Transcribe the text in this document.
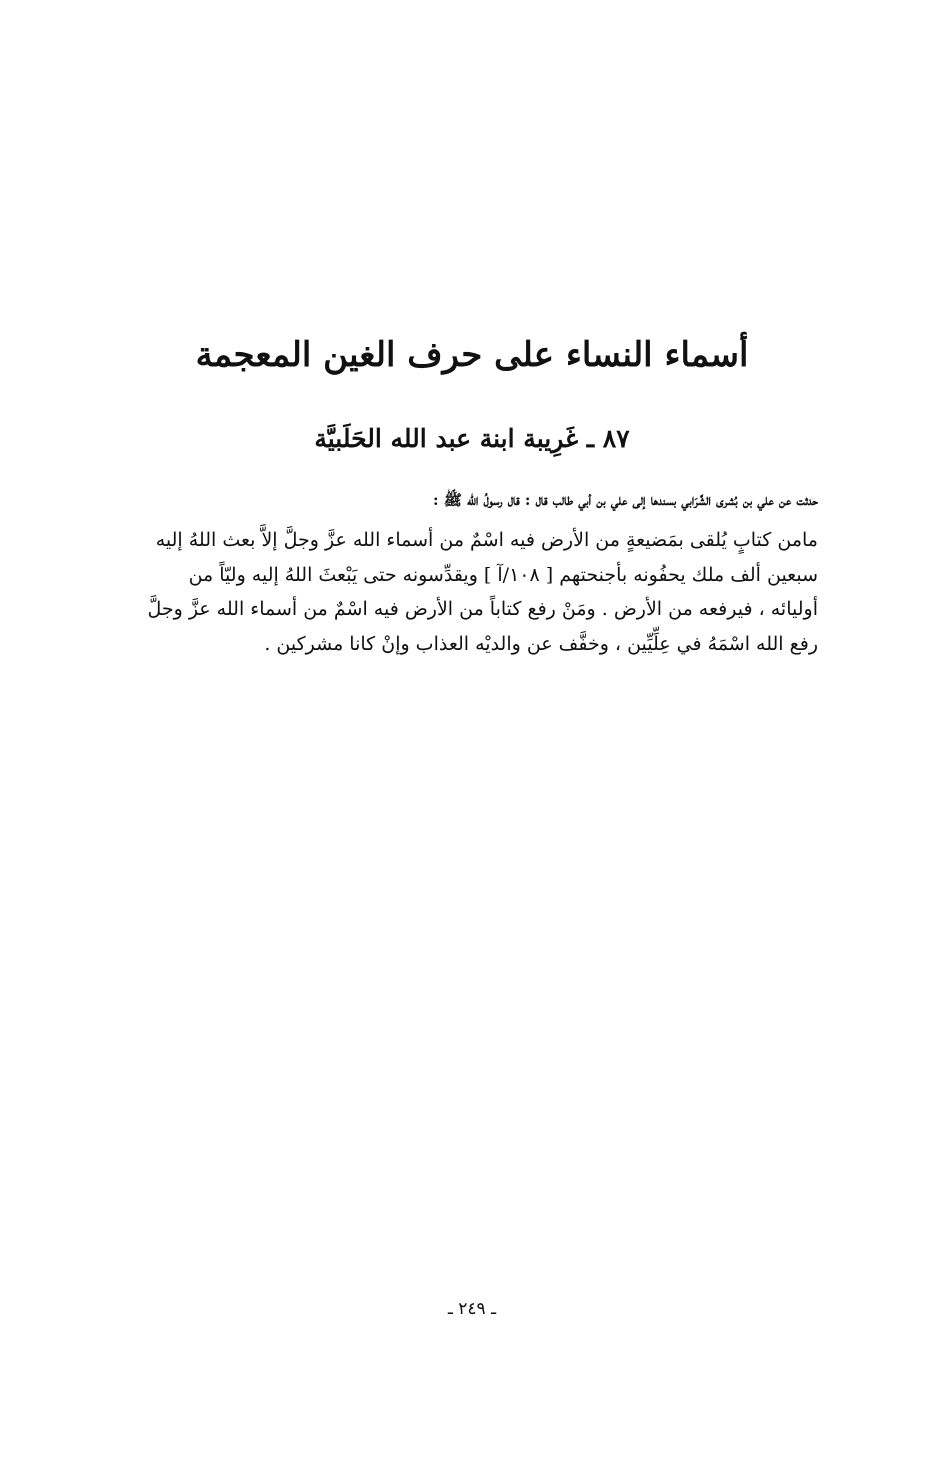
أسماء النساء على حرف الغين المعجمة
٨٧ ـ غَرِيبة ابنة عبد الله الحَلَبيَّة

حدثت عن علي بن بُشرى الشَّرَابي بسندها إلى علي بن أبي طالب قال : قال رسولُ الله ﷺ :

مامن كتابٍ يُلقى بمَضيعةٍ من الأرض فيه اسْمٌ من أسماء الله عزَّ وجلَّ إلاَّ بعث اللهُ إليه
سبعين ألف ملك يحفُونه بأجنحتهم [ ١٠٨/آ ] ويقدِّسونه حتى يَبْعثَ اللهُ إليه وليّاً من
أوليائه ، فيرفعه من الأرض . ومَنْ رفع كتاباً من الأرض فيه اسْمٌ من أسماء الله عزَّ وجلَّ
رفع الله اسْمَهُ في عِلِّيِّين ، وخفَّف عن والديْه العذاب وإنْ كانا مشركين .

ـ ٢٤٩ ـ
